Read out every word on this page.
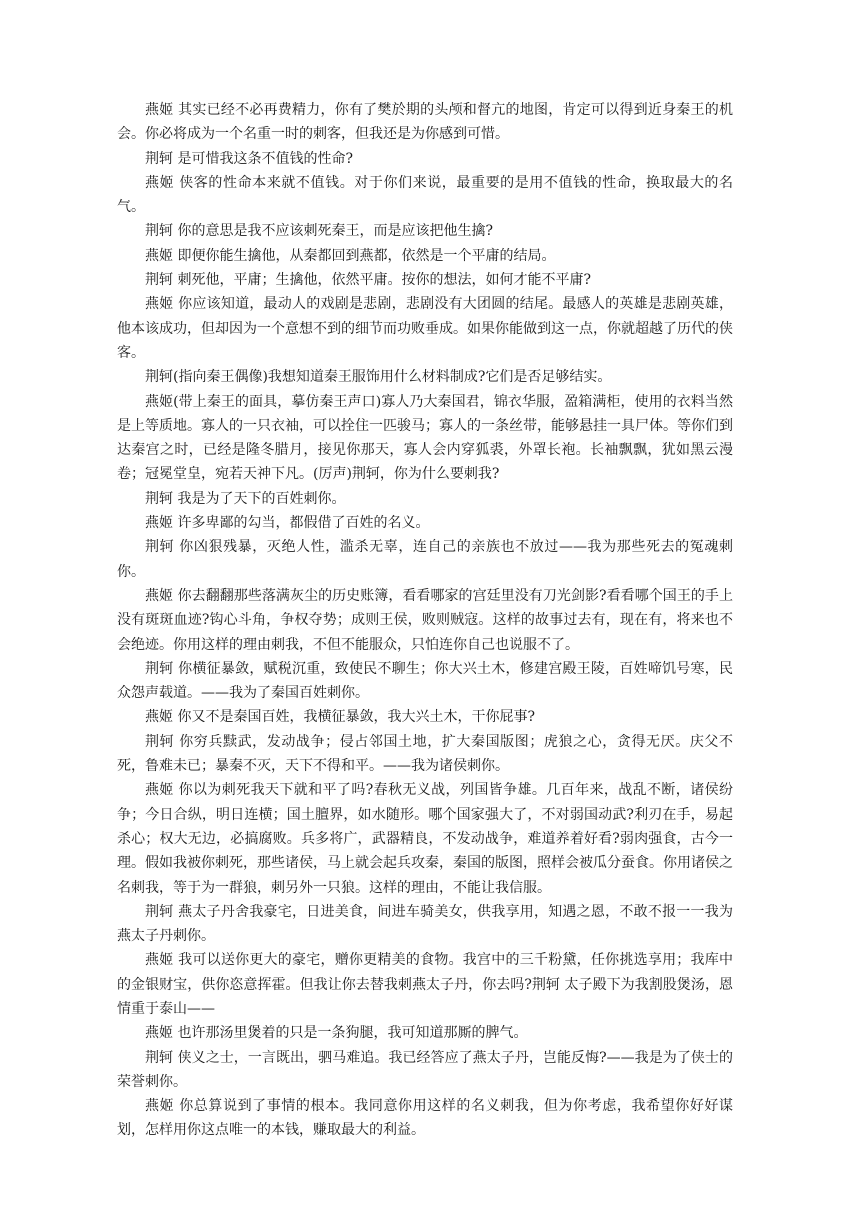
燕姬 其实已经不必再费精力，你有了樊於期的头颅和督亢的地图，肯定可以得到近身秦王的机会。你必将成为一个名重一时的刺客，但我还是为你感到可惜。

荆轲 是可惜我这条不值钱的性命?

燕姬 侠客的性命本来就不值钱。对于你们来说，最重要的是用不值钱的性命，换取最大的名气。

荆轲 你的意思是我不应该刺死秦王，而是应该把他生擒?

燕姬 即便你能生擒他，从秦都回到燕都，依然是一个平庸的结局。

荆轲 刺死他，平庸；生擒他，依然平庸。按你的想法，如何才能不平庸?

燕姬 你应该知道，最动人的戏剧是悲剧，悲剧没有大团圆的结尾。最感人的英雄是悲剧英雄，他本该成功，但却因为一个意想不到的细节而功败垂成。如果你能做到这一点，你就超越了历代的侠客。

荆轲(指向秦王偶像)我想知道秦王服饰用什么材料制成?它们是否足够结实。

燕姬(带上秦王的面具，摹仿秦王声口)寡人乃大秦国君，锦衣华服，盈箱满柜，使用的衣料当然是上等质地。寡人的一只衣袖，可以拴住一匹骏马；寡人的一条丝带，能够悬挂一具尸体。等你们到达秦宫之时，已经是隆冬腊月，接见你那天，寡人会内穿狐裘，外罩长袍。长袖飘飘，犹如黑云漫卷；冠冕堂皇，宛若天神下凡。(厉声)荆轲，你为什么要刺我?

荆轲 我是为了天下的百姓刺你。

燕姬 许多卑鄙的勾当，都假借了百姓的名义。

荆轲 你凶狠残暴，灭绝人性，滥杀无辜，连自己的亲族也不放过——我为那些死去的冤魂刺你。

燕姬 你去翻翻那些落满灰尘的历史账簿，看看哪家的宫廷里没有刀光剑影?看看哪个国王的手上没有斑斑血迹?钩心斗角，争权夺势；成则王侯，败则贼寇。这样的故事过去有，现在有，将来也不会绝迹。你用这样的理由刺我，不但不能服众，只怕连你自己也说服不了。

荆轲 你横征暴敛，赋税沉重，致使民不聊生；你大兴土木，修建宫殿王陵，百姓啼饥号寒，民众怨声载道。——我为了秦国百姓刺你。

燕姬 你又不是秦国百姓，我横征暴敛，我大兴土木，干你屁事?

荆轲 你穷兵黩武，发动战争；侵占邻国土地，扩大秦国版图；虎狼之心，贪得无厌。庆父不死，鲁难未已；暴秦不灭，天下不得和平。——我为诸侯刺你。

燕姬 你以为刺死我天下就和平了吗?春秋无义战，列国皆争雄。几百年来，战乱不断，诸侯纷争；今日合纵，明日连横；国土膻界，如水随形。哪个国家强大了，不对弱国动武?利刃在手，易起杀心；权大无边，必搞腐败。兵多将广，武器精良，不发动战争，难道养着好看?弱肉强食，古今一理。假如我被你刺死，那些诸侯，马上就会起兵攻秦，秦国的版图，照样会被瓜分蚕食。你用诸侯之名刺我，等于为一群狼，刺另外一只狼。这样的理由，不能让我信服。

荆轲 燕太子丹舍我豪宅，日进美食，间进车骑美女，供我享用，知遇之恩，不敢不报一一我为燕太子丹刺你。

燕姬 我可以送你更大的豪宅，赠你更精美的食物。我宫中的三千粉黛，任你挑选享用；我库中的金银财宝，供你恣意挥霍。但我让你去替我刺燕太子丹，你去吗?荆轲 太子殿下为我割股煲汤，恩情重于泰山——

燕姬 也许那汤里煲着的只是一条狗腿，我可知道那厮的脾气。

荆轲 侠义之士，一言既出，驷马难追。我已经答应了燕太子丹，岂能反悔?——我是为了侠士的荣誉刺你。

燕姬 你总算说到了事情的根本。我同意你用这样的名义刺我，但为你考虑，我希望你好好谋划，怎样用你这点唯一的本钱，赚取最大的利益。
